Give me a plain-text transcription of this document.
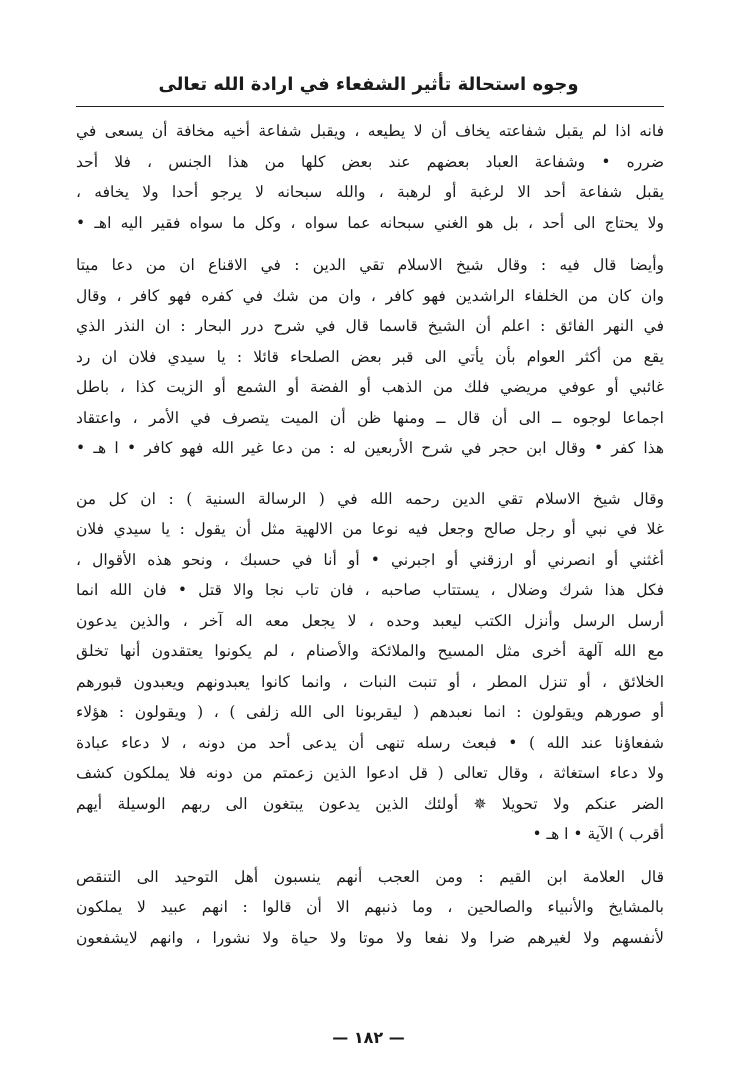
وجوه استحالة تأثير الشفعاء في ارادة الله تعالى
فانه اذا لم يقبل شفاعته يخاف أن لا يطيعه ، ويقبل شفاعة أخيه مخافة أن يسعى في
ضرره • وشفاعة العباد بعضهم عند بعض كلها من هذا الجنس ، فلا أحد
يقبل شفاعة أحد الا لرغبة أو لرهبة ، والله سبحانه لا يرجو أحدا ولا يخافه ،
ولا يحتاج الى أحد ، بل هو الغني سبحانه عما سواه ، وكل ما سواه فقير اليه اهـ •
وأيضا قال فيه : وقال شيخ الاسلام تقي الدين : في الاقناع ان من دعا ميتا
وان كان من الخلفاء الراشدين فهو كافر ، وان من شك في كفره فهو كافر ، وقال
في النهر الفائق : اعلم أن الشيخ قاسما قال في شرح درر البحار : ان النذر الذي
يقع من أكثر العوام بأن يأتي الى قبر بعض الصلحاء قائلا : يا سيدي فلان ان رد
غائبي أو عوفي مريضي فلك من الذهب أو الفضة أو الشمع أو الزيت كذا ، باطل
اجماعا لوجوه ــ الى أن قال ــ ومنها ظن أن الميت يتصرف في الأمر ، واعتقاد
هذا كفر • وقال ابن حجر في شرح الأربعين له : من دعا غير الله فهو كافر • ا هـ •
وقال شيخ الاسلام تقي الدين رحمه الله في ( الرسالة السنية ) : ان كل من
غلا في نبي أو رجل صالح وجعل فيه نوعا من الالهية مثل أن يقول : يا سيدي فلان
أغثني أو انصرني أو ارزقني أو اجبرني • أو أنا في حسبك ، ونحو هذه الأقوال ،
فكل هذا شرك وضلال ، يستتاب صاحبه ، فان تاب نجا والا قتل • فان الله انما
أرسل الرسل وأنزل الكتب ليعبد وحده ، لا يجعل معه اله آخر ، والذين يدعون
مع الله آلهة أخرى مثل المسيح والملائكة والأصنام ، لم يكونوا يعتقدون أنها تخلق
الخلائق ، أو تنزل المطر ، أو تنبت النبات ، وانما كانوا يعبدونهم ويعبدون قبورهم
أو صورهم ويقولون : انما نعبدهم ( ليقربونا الى الله زلفى ) ، ( ويقولون : هؤلاء
شفعاؤنا عند الله ) • فبعث رسله تنهى أن يدعى أحد من دونه ، لا دعاء عبادة
ولا دعاء استغاثة ، وقال تعالى ( قل ادعوا الذين زعمتم من دونه فلا يملكون كشف
الضر عنكم ولا تحويلا ✵ أولئك الذين يدعون يبتغون الى ربهم الوسيلة أيهم
أقرب ) الآية • ا هـ •
قال العلامة ابن القيم : ومن العجب أنهم ينسبون أهل التوحيد الى التنقص
بالمشايخ والأنبياء والصالحين ، وما ذنبهم الا أن قالوا : انهم عبيد لا يملكون
لأنفسهم ولا لغيرهم ضرا ولا نفعا ولا موتا ولا حياة ولا نشورا ، وانهم لايشفعون
— ١٨٢ —
